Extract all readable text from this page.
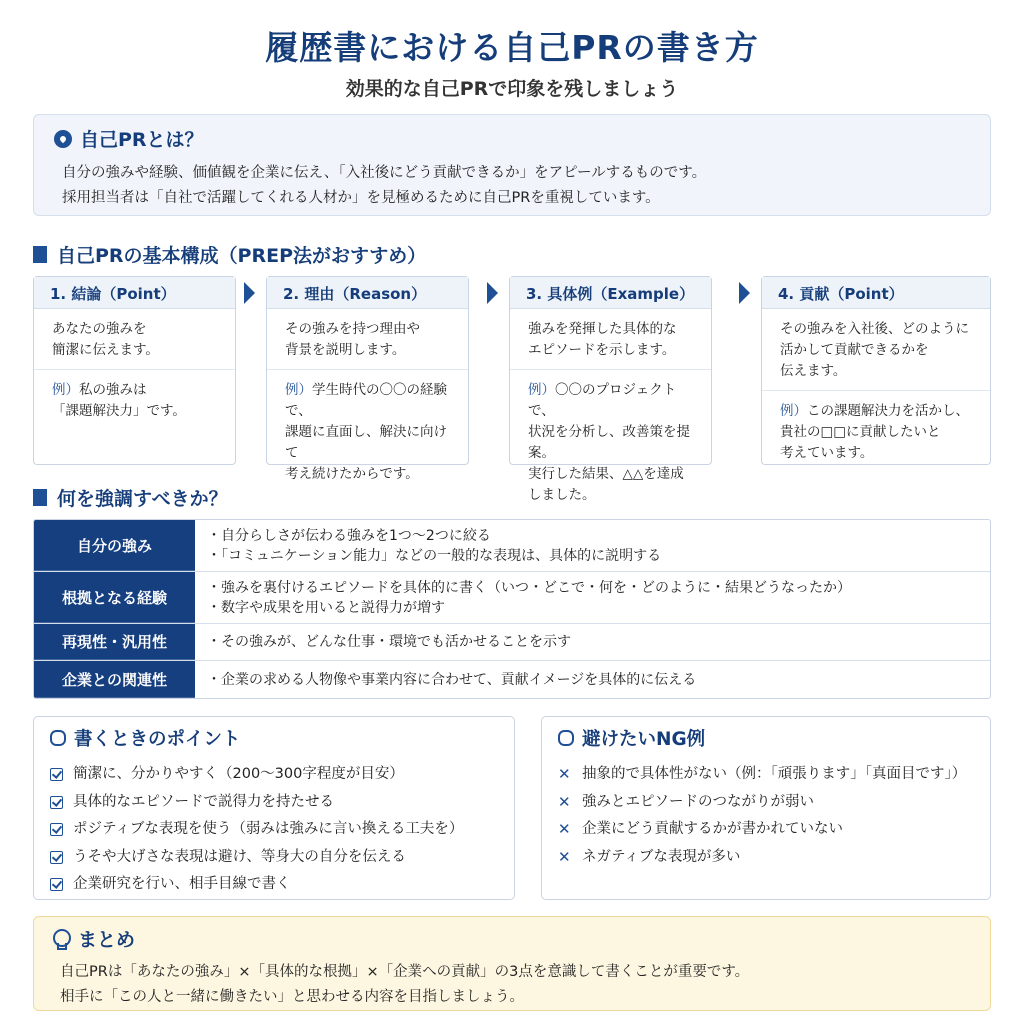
履歴書における自己PRの書き方
効果的な自己PRで印象を残しましょう
自己PRとは？
自分の強みや経験、価値観を企業に伝え、「入社後にどう貢献できるか」をアピールするものです。
採用担当者は「自社で活躍してくれる人材か」を見極めるために自己PRを重視しています。
自己PRの基本構成（PREP法がおすすめ）
1. 結論（Point）
あなたの強みを
簡潔に伝えます。
例）私の強みは
「課題解決力」です。
2. 理由（Reason）
その強みを持つ理由や
背景を説明します。
例）学生時代の〇〇の経験で、
課題に直面し、解決に向けて
考え続けたからです。
3. 具体例（Example）
強みを発揮した具体的な
エピソードを示します。
例）〇〇のプロジェクトで、
状況を分析し、改善策を提案。
実行した結果、△△を達成
しました。
4. 貢献（Point）
その強みを入社後、どのように
活かして貢献できるかを
伝えます。
例）この課題解決力を活かし、
貴社の□□に貢献したいと
考えています。
何を強調すべきか？
自分の強み
・自分らしさが伝わる強みを1つ〜2つに絞る
・「コミュニケーション能力」などの一般的な表現は、具体的に説明する
根拠となる経験
・強みを裏付けるエピソードを具体的に書く（いつ・どこで・何を・どのように・結果どうなったか）
・数字や成果を用いると説得力が増す
再現性・汎用性	・その強みが、どんな仕事・環境でも活かせることを示す
企業との関連性	・企業の求める人物像や事業内容に合わせて、貢献イメージを具体的に伝える
書くときのポイント
簡潔に、分かりやすく（200〜300字程度が目安）
具体的なエピソードで説得力を持たせる
ポジティブな表現を使う（弱みは強みに言い換える工夫を）
うそや大げさな表現は避け、等身大の自分を伝える
企業研究を行い、相手目線で書く
避けたいNG例
✕ 抽象的で具体性がない（例：「頑張ります」「真面目です」）
✕ 強みとエピソードのつながりが弱い
✕ 企業にどう貢献するかが書かれていない
✕ ネガティブな表現が多い
まとめ
自己PRは「あなたの強み」×「具体的な根拠」×「企業への貢献」の3点を意識して書くことが重要です。
相手に「この人と一緒に働きたい」と思わせる内容を目指しましょう。
